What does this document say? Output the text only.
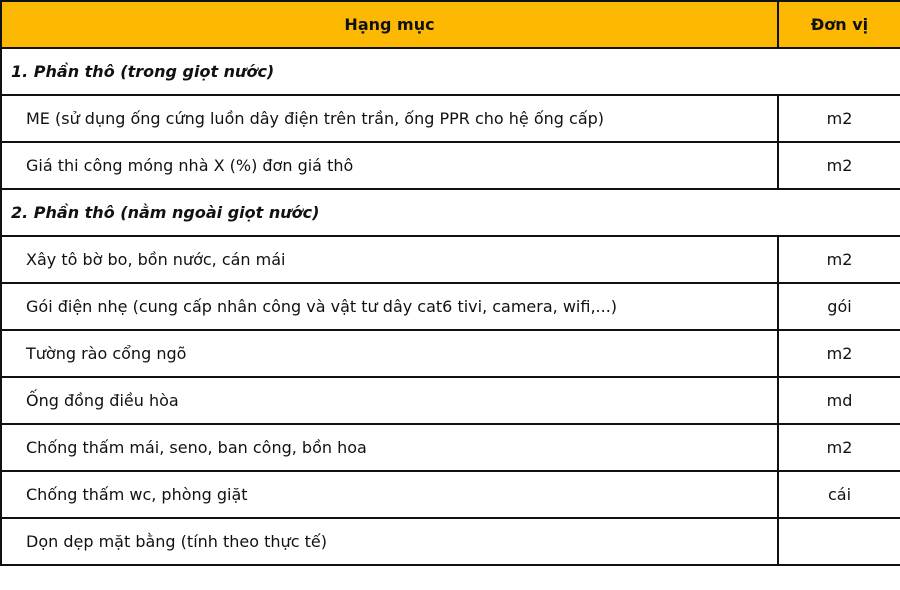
Hạng mục	Đơn vị
1. Phần thô (trong giọt nước)	
ME (sử dụng ống cứng luồn dây điện trên trần, ống PPR cho hệ ống cấp)	m2
Giá thi công móng nhà X (%) đơn giá thô	m2
2. Phần thô (nằm ngoài giọt nước)	
Xây tô bờ bo, bồn nước, cán mái	m2
Gói điện nhẹ (cung cấp nhân công và vật tư dây cat6 tivi, camera, wifi,...)	gói
Tường rào cổng ngõ	m2
Ống đồng điều hòa	md
Chống thấm mái, seno, ban công, bồn hoa	m2
Chống thấm wc, phòng giặt	cái
Dọn dẹp mặt bằng (tính theo thực tế)	
